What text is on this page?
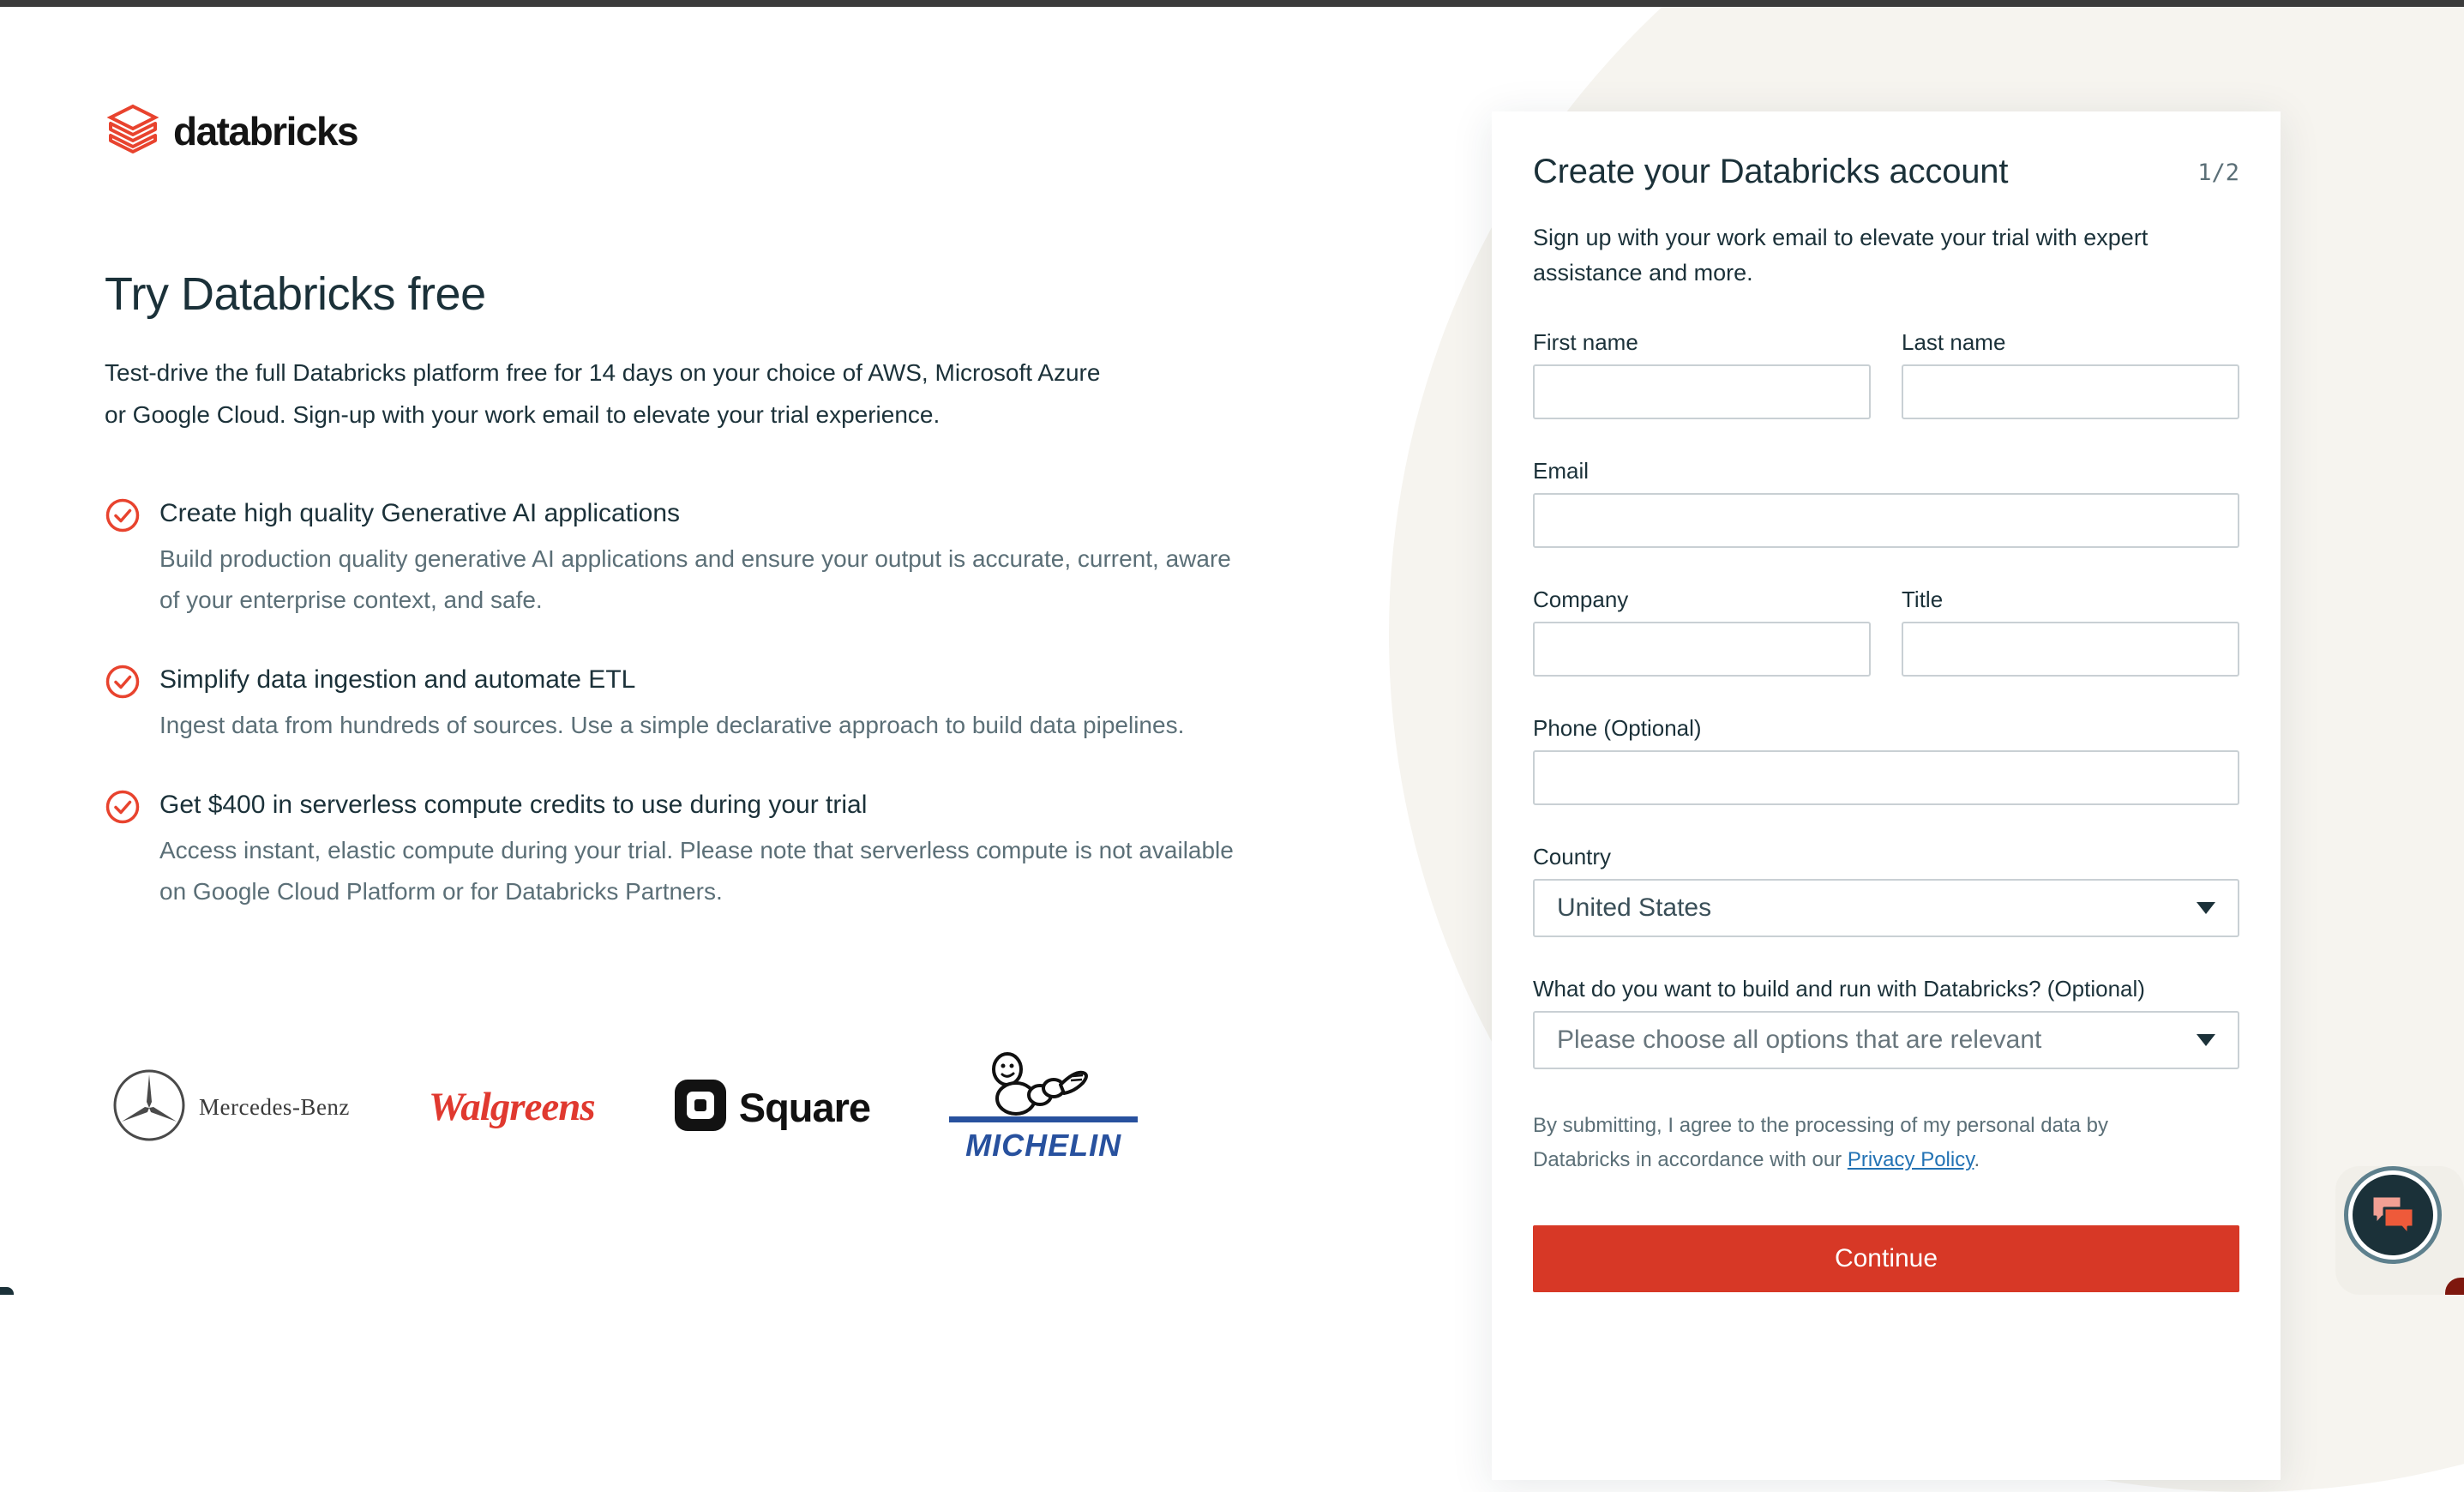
databricks
Try Databricks free

Test-drive the full Databricks platform free for 14 days on your choice of AWS, Microsoft Azure or Google Cloud. Sign-up with your work email to elevate your trial experience.

Create high quality Generative AI applications
Build production quality generative AI applications and ensure your output is accurate, current, aware of your enterprise context, and safe.
Simplify data ingestion and automate ETL
Ingest data from hundreds of sources. Use a simple declarative approach to build data pipelines.
Get $400 in serverless compute credits to use during your trial
Access instant, elastic compute during your trial. Please note that serverless compute is not available on Google Cloud Platform or for Databricks Partners.
Mercedes-Benz Walgreens	Square
MICHELIN
Create your Databricks account	1/2
Sign up with your work email to elevate your trial with expert assistance and more.
First name	Last name
Email
Company	Title
Phone (Optional)
Country
United States
What do you want to build and run with Databricks? (Optional)
Please choose all options that are relevant
By submitting, I agree to the processing of my personal data by Databricks in accordance with our Privacy Policy.
Continue
